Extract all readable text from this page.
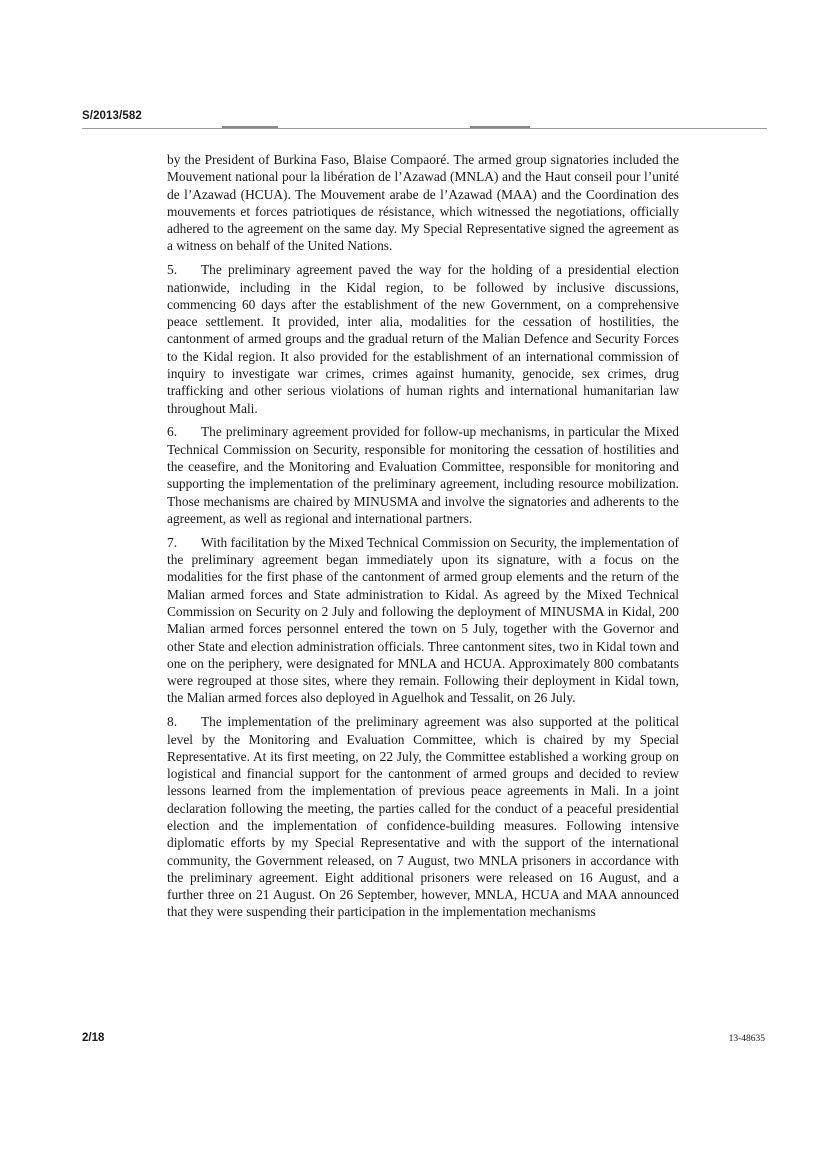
S/2013/582

by the President of Burkina Faso, Blaise Compaoré. The armed group signatories included the Mouvement national pour la libération de l’Azawad (MNLA) and the Haut conseil pour l’unité de l’Azawad (HCUA). The Mouvement arabe de l’Azawad (MAA) and the Coordination des mouvements et forces patriotiques de résistance, which witnessed the negotiations, officially adhered to the agreement on the same day. My Special Representative signed the agreement as a witness on behalf of the United Nations.

5. The preliminary agreement paved the way for the holding of a presidential election nationwide, including in the Kidal region, to be followed by inclusive discussions, commencing 60 days after the establishment of the new Government, on a comprehensive peace settlement. It provided, inter alia, modalities for the cessation of hostilities, the cantonment of armed groups and the gradual return of the Malian Defence and Security Forces to the Kidal region. It also provided for the establishment of an international commission of inquiry to investigate war crimes, crimes against humanity, genocide, sex crimes, drug trafficking and other serious violations of human rights and international humanitarian law throughout Mali.

6. The preliminary agreement provided for follow-up mechanisms, in particular the Mixed Technical Commission on Security, responsible for monitoring the cessation of hostilities and the ceasefire, and the Monitoring and Evaluation Committee, responsible for monitoring and supporting the implementation of the preliminary agreement, including resource mobilization. Those mechanisms are chaired by MINUSMA and involve the signatories and adherents to the agreement, as well as regional and international partners.

7. With facilitation by the Mixed Technical Commission on Security, the implementation of the preliminary agreement began immediately upon its signature, with a focus on the modalities for the first phase of the cantonment of armed group elements and the return of the Malian armed forces and State administration to Kidal. As agreed by the Mixed Technical Commission on Security on 2 July and following the deployment of MINUSMA in Kidal, 200 Malian armed forces personnel entered the town on 5 July, together with the Governor and other State and election administration officials. Three cantonment sites, two in Kidal town and one on the periphery, were designated for MNLA and HCUA. Approximately 800 combatants were regrouped at those sites, where they remain. Following their deployment in Kidal town, the Malian armed forces also deployed in Aguelhok and Tessalit, on 26 July.

8. The implementation of the preliminary agreement was also supported at the political level by the Monitoring and Evaluation Committee, which is chaired by my Special Representative. At its first meeting, on 22 July, the Committee established a working group on logistical and financial support for the cantonment of armed groups and decided to review lessons learned from the implementation of previous peace agreements in Mali. In a joint declaration following the meeting, the parties called for the conduct of a peaceful presidential election and the implementation of confidence-building measures. Following intensive diplomatic efforts by my Special Representative and with the support of the international community, the Government released, on 7 August, two MNLA prisoners in accordance with the preliminary agreement. Eight additional prisoners were released on 16 August, and a further three on 21 August. On 26 September, however, MNLA, HCUA and MAA announced that they were suspending their participation in the implementation mechanisms

2/18	13-48635
